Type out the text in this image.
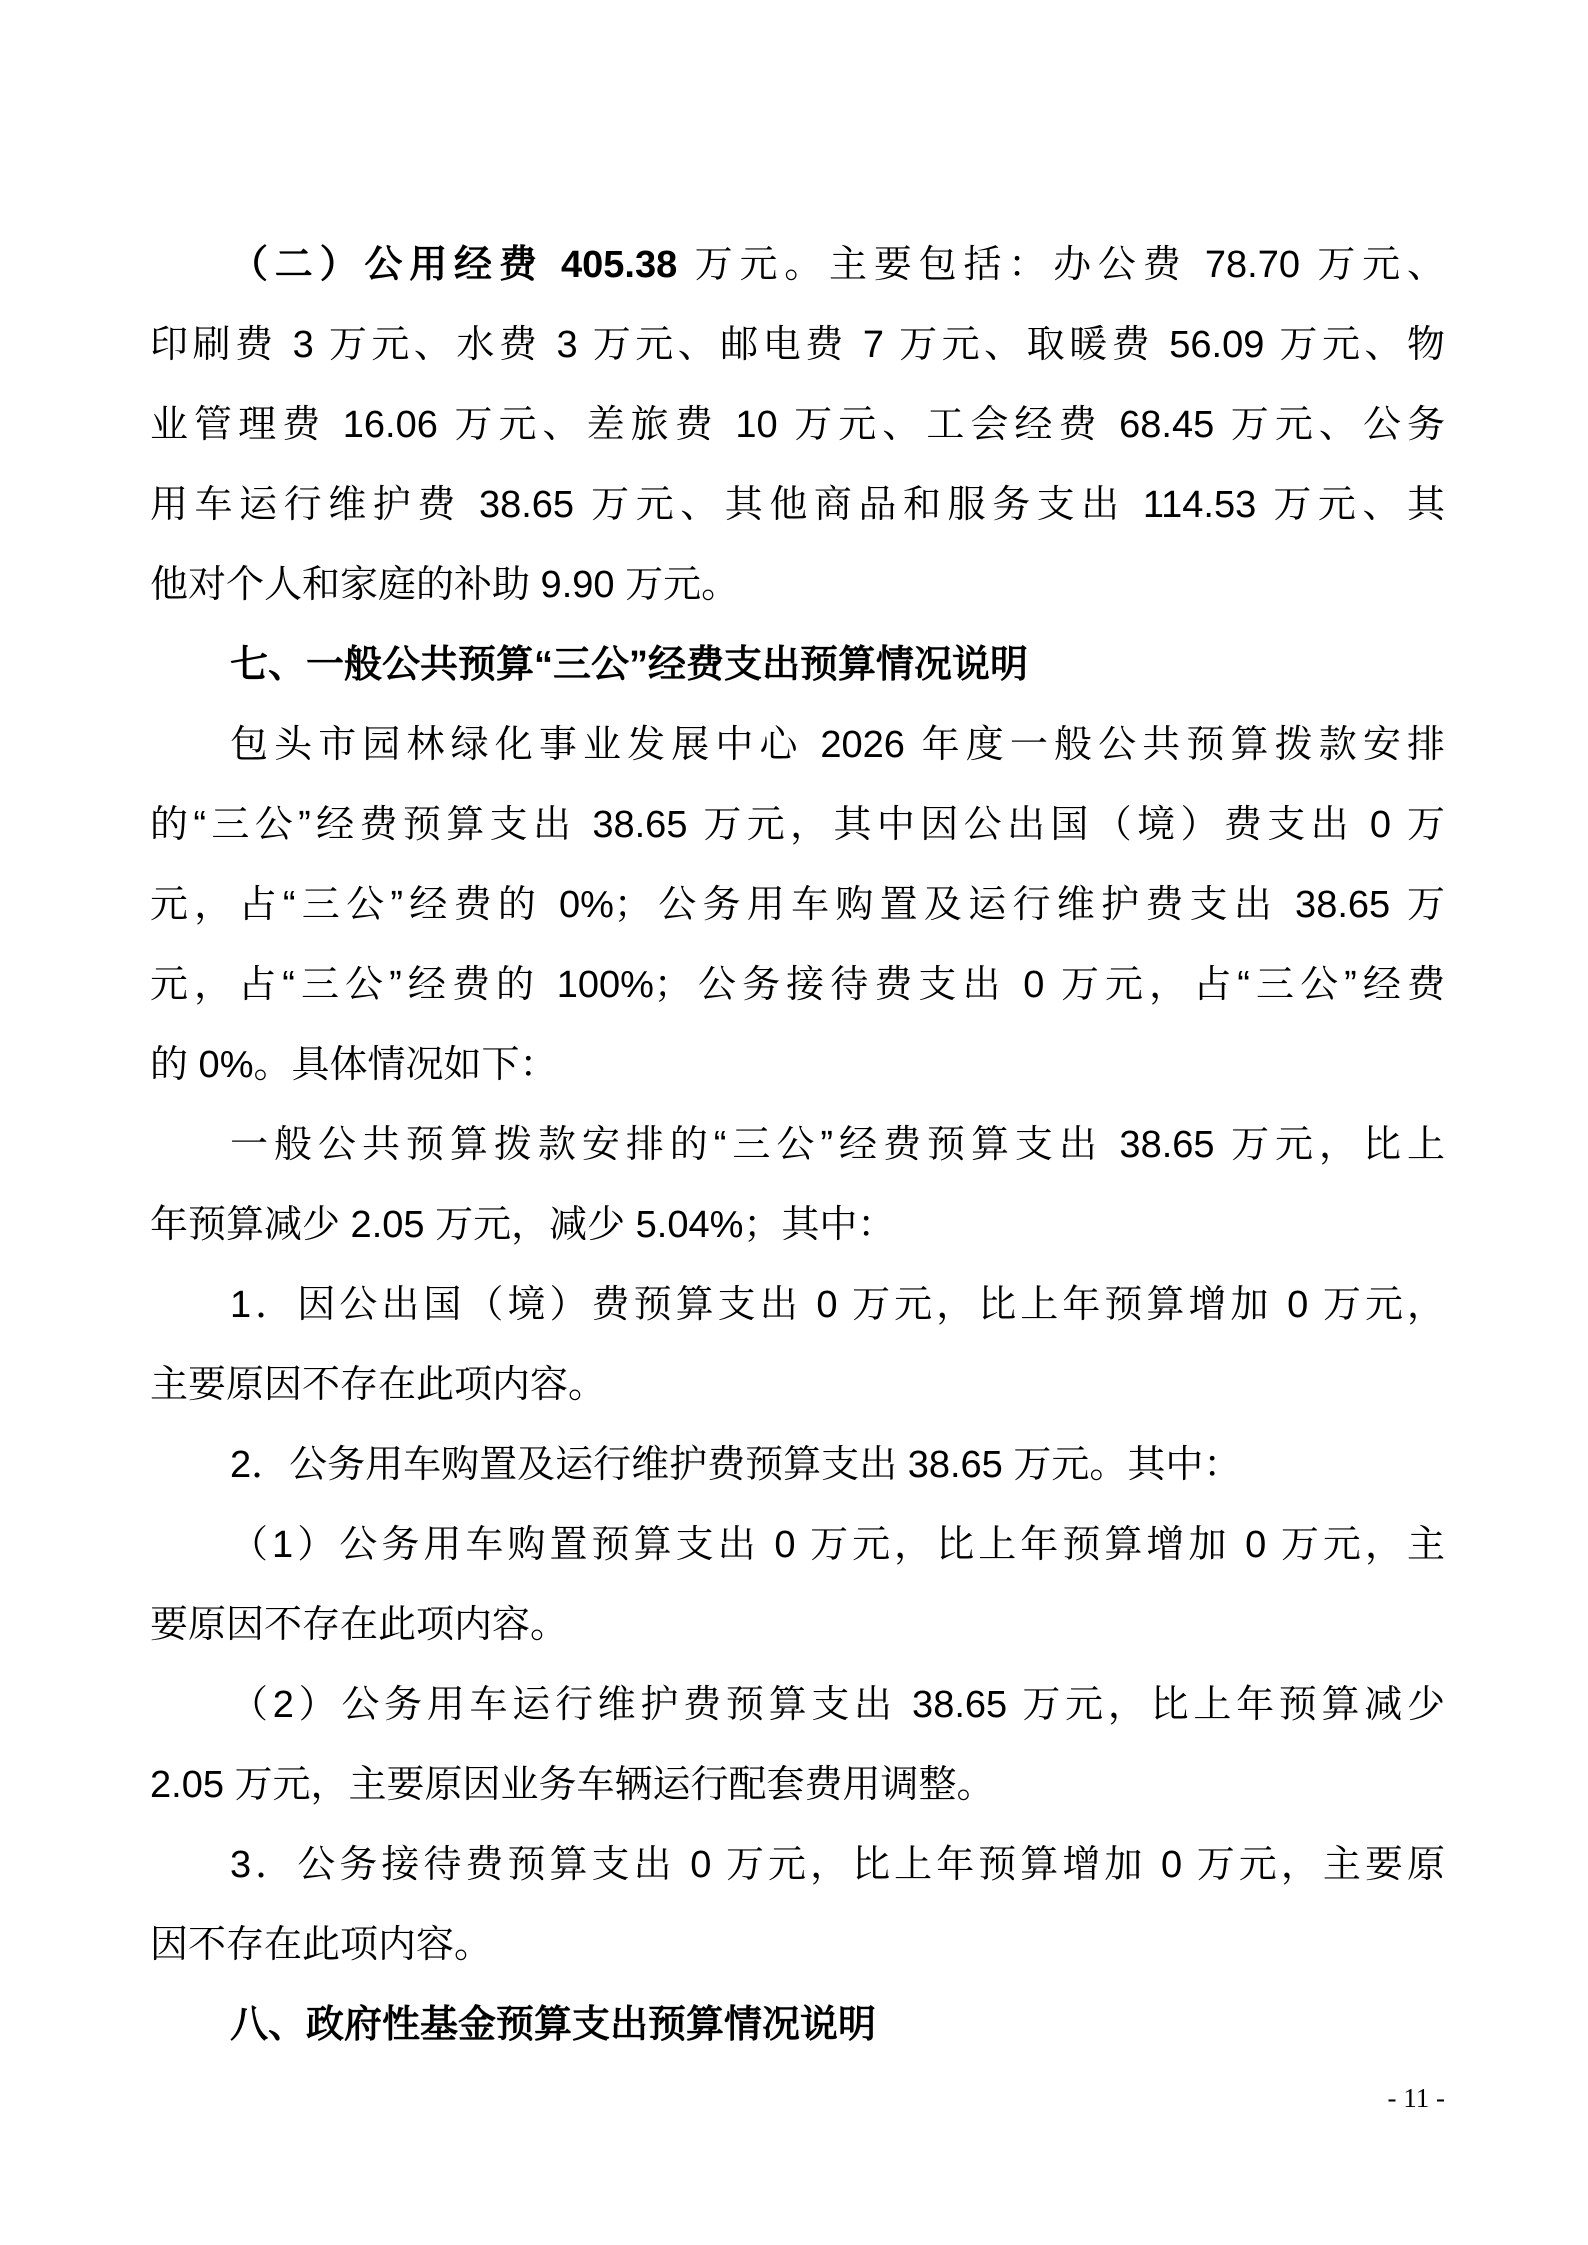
（二）公用经费 405.38 万元。主要包括：办公费 78.70 万元、
印刷费 3 万元、水费 3 万元、邮电费 7 万元、取暖费 56.09 万元、物
业管理费 16.06 万元、差旅费 10 万元、工会经费 68.45 万元、公务
用车运行维护费 38.65 万元、其他商品和服务支出 114.53 万元、其
他对个人和家庭的补助 9.90 万元。
七、一般公共预算“三公”经费支出预算情况说明
包头市园林绿化事业发展中心 2026 年度一般公共预算拨款安排
的“三公”经费预算支出 38.65 万元，其中因公出国（境）费支出 0 万
元，占“三公”经费的 0%；公务用车购置及运行维护费支出 38.65 万
元，占“三公”经费的 100%；公务接待费支出 0 万元，占“三公”经费
的 0%。具体情况如下：
一般公共预算拨款安排的“三公”经费预算支出 38.65 万元，比上
年预算减少 2.05 万元，减少 5.04%；其中：
1．因公出国（境）费预算支出 0 万元，比上年预算增加 0 万元，
主要原因不存在此项内容。
2．公务用车购置及运行维护费预算支出 38.65 万元。其中：
（1）公务用车购置预算支出 0 万元，比上年预算增加 0 万元，主
要原因不存在此项内容。
（2）公务用车运行维护费预算支出 38.65 万元，比上年预算减少
2.05 万元，主要原因业务车辆运行配套费用调整。
3．公务接待费预算支出 0 万元，比上年预算增加 0 万元，主要原
因不存在此项内容。
八、政府性基金预算支出预算情况说明
- 11 -
